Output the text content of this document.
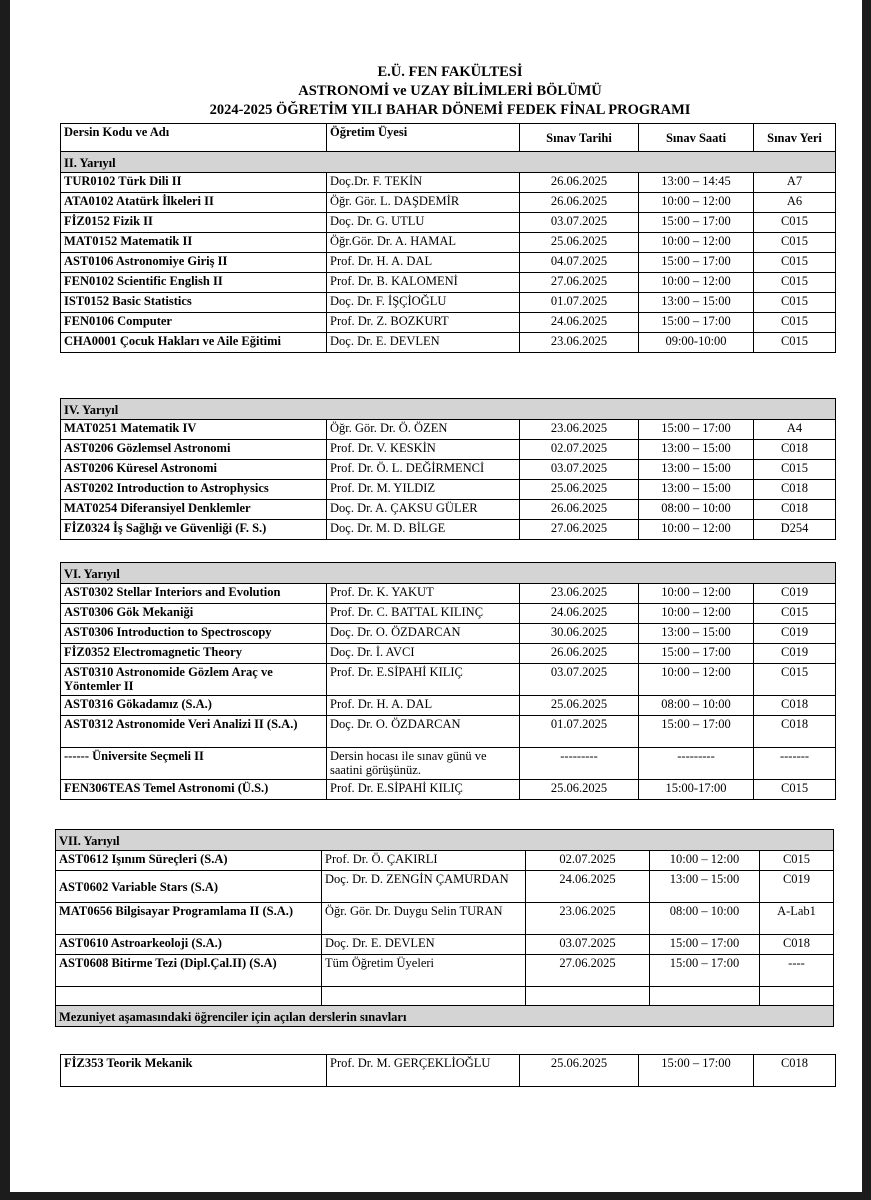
E.Ü. FEN FAKÜLTESİ
ASTRONOMİ ve UZAY BİLİMLERİ BÖLÜMÜ
2024-2025 ÖĞRETİM YILI BAHAR DÖNEMİ FEDEK FİNAL PROGRAMI
Dersin Kodu ve Adı	Öğretim Üyesi	Sınav Tarihi	Sınav Saati	Sınav Yeri
II. Yarıyıl				
TUR0102 Türk Dili II	Doç.Dr. F. TEKİN	26.06.2025	13:00 – 14:45	A7
ATA0102 Atatürk İlkeleri II	Öğr. Gör. L. DAŞDEMİR	26.06.2025	10:00 – 12:00	A6
FİZ0152 Fizik II	Doç. Dr. G. UTLU	03.07.2025	15:00 – 17:00	C015
MAT0152 Matematik II	Öğr.Gör. Dr. A. HAMAL	25.06.2025	10:00 – 12:00	C015
AST0106 Astronomiye Giriş II	Prof. Dr. H. A. DAL	04.07.2025	15:00 – 17:00	C015
FEN0102 Scientific English II	Prof. Dr. B. KALOMENİ	27.06.2025	10:00 – 12:00	C015
IST0152 Basic Statistics	Doç. Dr. F. İŞÇİOĞLU	01.07.2025	13:00 – 15:00	C015
FEN0106 Computer	Prof. Dr. Z. BOZKURT	24.06.2025	15:00 – 17:00	C015
CHA0001 Çocuk Hakları ve Aile Eğitimi	Doç. Dr. E. DEVLEN	23.06.2025	09:00-10:00	C015
IV. Yarıyıl				
MAT0251 Matematik IV	Öğr. Gör. Dr. Ö. ÖZEN	23.06.2025	15:00 – 17:00	A4
AST0206 Gözlemsel Astronomi	Prof. Dr. V. KESKİN	02.07.2025	13:00 – 15:00	C018
AST0206 Küresel Astronomi	Prof. Dr. Ö. L. DEĞİRMENCİ	03.07.2025	13:00 – 15:00	C015
AST0202 Introduction to Astrophysics	Prof. Dr. M. YILDIZ	25.06.2025	13:00 – 15:00	C018
MAT0254 Diferansiyel Denklemler	Doç. Dr. A. ÇAKSU GÜLER	26.06.2025	08:00 – 10:00	C018
FİZ0324 İş Sağlığı ve Güvenliği (F. S.)	Doç. Dr. M. D. BİLGE	27.06.2025	10:00 – 12:00	D254
VI. Yarıyıl				
AST0302 Stellar Interiors and Evolution	Prof. Dr. K. YAKUT	23.06.2025	10:00 – 12:00	C019
AST0306 Gök Mekaniği	Prof. Dr. C. BATTAL KILINÇ	24.06.2025	10:00 – 12:00	C015
AST0306 Introduction to Spectroscopy	Doç. Dr. O. ÖZDARCAN	30.06.2025	13:00 – 15:00	C019
FİZ0352 Electromagnetic Theory	Doç. Dr. İ. AVCI	26.06.2025	15:00 – 17:00	C019
AST0310 Astronomide Gözlem Araç ve Yöntemler II	Prof. Dr. E.SİPAHİ KILIÇ	03.07.2025	10:00 – 12:00	C015
AST0316 Gökadamız (S.A.)	Prof. Dr. H. A. DAL	25.06.2025	08:00 – 10:00	C018
AST0312 Astronomide Veri Analizi II (S.A.)	Doç. Dr. O. ÖZDARCAN	01.07.2025	15:00 – 17:00	C018
------ Üniversite Seçmeli II	Dersin hocası ile sınav günü ve saatini görüşünüz.	---------	---------	-------
FEN306TEAS Temel Astronomi (Ü.S.)	Prof. Dr. E.SİPAHİ KILIÇ	25.06.2025	15:00-17:00	C015
VII. Yarıyıl				
AST0612 Işınım Süreçleri (S.A)	Prof. Dr. Ö. ÇAKIRLI	02.07.2025	10:00 – 12:00	C015
AST0602 Variable Stars (S.A)	Doç. Dr. D. ZENGİN ÇAMURDAN	24.06.2025	13:00 – 15:00	C019
MAT0656 Bilgisayar Programlama II (S.A.)	Öğr. Gör. Dr. Duygu Selin TURAN	23.06.2025	08:00 – 10:00	A-Lab1
AST0610 Astroarkeoloji (S.A.)	Doç. Dr. E. DEVLEN	03.07.2025	15:00 – 17:00	C018
AST0608 Bitirme Tezi (Dipl.Çal.II) (S.A)	Tüm Öğretim Üyeleri	27.06.2025	15:00 – 17:00	----

Mezuniyet aşamasındaki öğrenciler için açılan derslerin sınavları				
FİZ353 Teorik Mekanik	Prof. Dr. M. GERÇEKLİOĞLU	25.06.2025	15:00 – 17:00	C018
